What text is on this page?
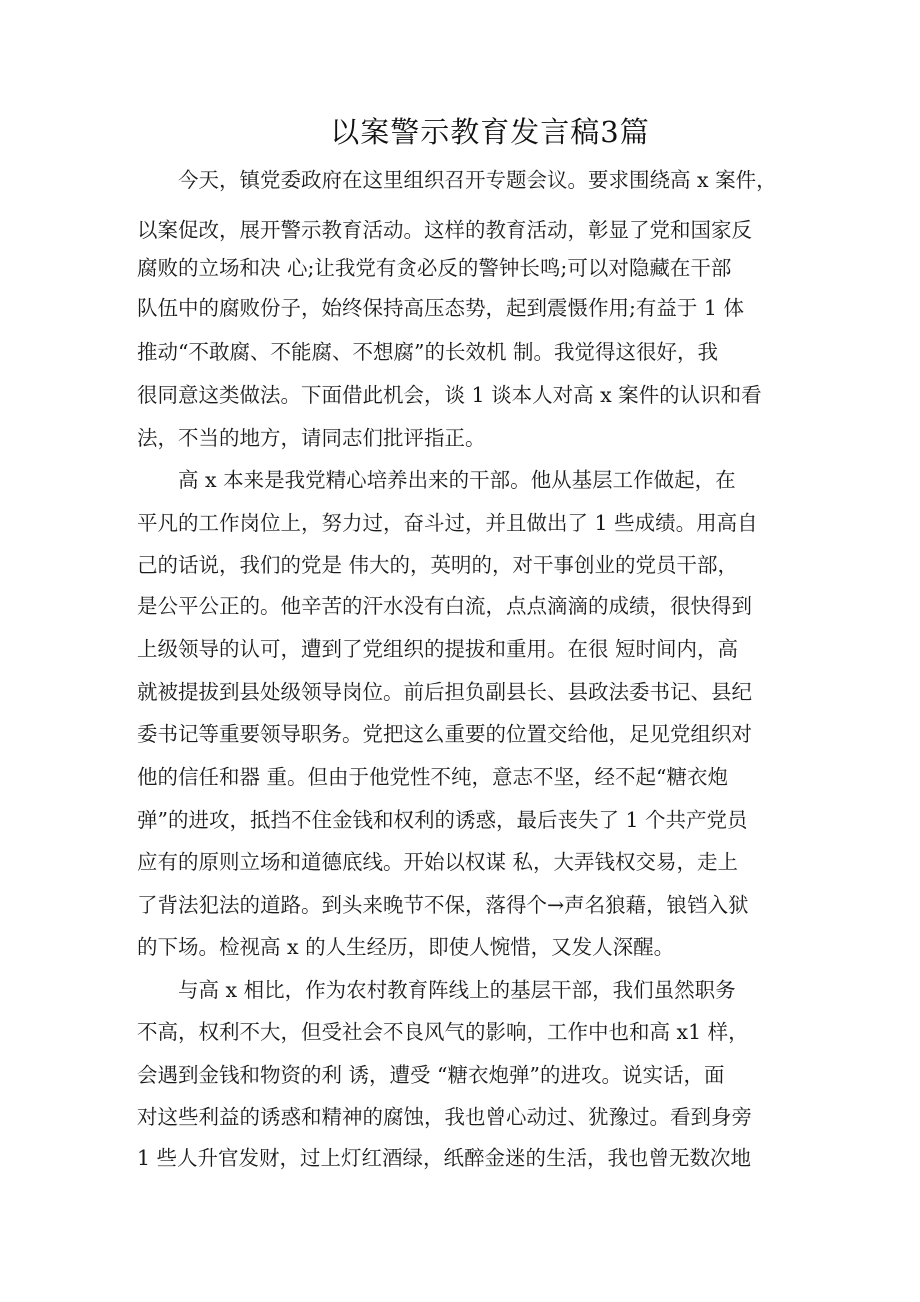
以案警示教育发言稿3篇
　　今天，镇党委政府在这里组织召开专题会议。要求围绕高 x 案件，
以案促改，展开警示教育活动。这样的教育活动，彰显了党和国家反
腐败的立场和决 心;让我党有贪必反的警钟长鸣;可以对隐藏在干部
队伍中的腐败份子，始终保持高压态势，起到震慑作用;有益于 1 体
推动“不敢腐、不能腐、不想腐”的长效机 制。我觉得这很好，我
很同意这类做法。下面借此机会，谈 1 谈本人对高 x 案件的认识和看
法，不当的地方，请同志们批评指正。
　　高 x 本来是我党精心培养出来的干部。他从基层工作做起，在
平凡的工作岗位上，努力过，奋斗过，并且做出了 1 些成绩。用高自
己的话说，我们的党是 伟大的，英明的，对干事创业的党员干部，
是公平公正的。他辛苦的汗水没有白流，点点滴滴的成绩，很快得到
上级领导的认可，遭到了党组织的提拔和重用。在很 短时间内，高
就被提拔到县处级领导岗位。前后担负副县长、县政法委书记、县纪
委书记等重要领导职务。党把这么重要的位置交给他，足见党组织对
他的信任和器 重。但由于他党性不纯，意志不坚，经不起“糖衣炮
弹”的进攻，抵挡不住金钱和权利的诱惑，最后丧失了 1 个共产党员
应有的原则立场和道德底线。开始以权谋 私，大弄钱权交易，走上
了背法犯法的道路。到头来晚节不保，落得个→声名狼藉，锒铛入狱
的下场。检视高 x 的人生经历，即使人惋惜，又发人深醒。
　　与高 x 相比，作为农村教育阵线上的基层干部，我们虽然职务
不高，权利不大，但受社会不良风气的影响，工作中也和高 x1 样，
会遇到金钱和物资的利 诱，遭受 “糖衣炮弹”的进攻。说实话，面
对这些利益的诱惑和精神的腐蚀，我也曾心动过、犹豫过。看到身旁
1 些人升官发财，过上灯红酒绿，纸醉金迷的生活，我也曾无数次地
